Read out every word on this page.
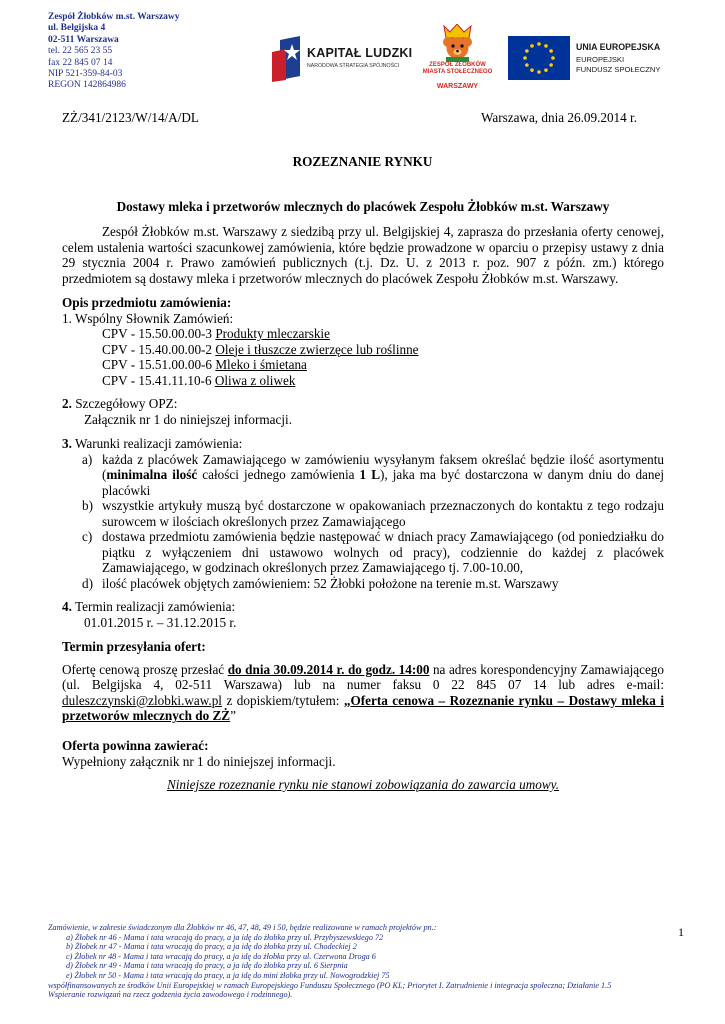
Zespół Żłobków m.st. Warszawy
ul. Belgijska 4
02-511 Warszawa
tel. 22 565 23 55
fax 22 845 07 14
NIP 521-359-84-03
REGON 142864986
KAPITAŁ LUDZKI
NARODOWA STRATEGIA SPÓJNOŚCI	ZESPÓŁ ŻŁOBKÓW
MIASTA STOŁECZNEGO
WARSZAWY
UNIA EUROPEJSKA
EUROPEJSKI
FUNDUSZ SPOŁECZNY
ZŻ/341/2123/W/14/A/DL	Warszawa, dnia 26.09.2014 r.
ROZEZNANIE RYNKU
Dostawy mleka i przetworów mlecznych do placówek Zespołu Żłobków m.st. Warszawy
Zespół Żłobków m.st. Warszawy z siedzibą przy ul. Belgijskiej 4, zaprasza do przesłania oferty cenowej, celem ustalenia wartości szacunkowej zamówienia, które będzie prowadzone w oparciu o przepisy ustawy z dnia 29 stycznia 2004 r. Prawo zamówień publicznych (t.j. Dz. U. z 2013 r. poz. 907 z późn. zm.) którego przedmiotem są dostawy mleka i przetworów mlecznych do placówek Zespołu Żłobków m.st. Warszawy.
Opis przedmiotu zamówienia:
1. Wspólny Słownik Zamówień:
CPV - 15.50.00.00-3 Produkty mleczarskie
CPV - 15.40.00.00-2 Oleje i tłuszcze zwierzęce lub roślinne
CPV - 15.51.00.00-6 Mleko i śmietana
CPV - 15.41.11.10-6 Oliwa z oliwek
2. Szczegółowy OPZ:
Załącznik nr 1 do niniejszej informacji.
3. Warunki realizacji zamówienia:
a) każda z placówek Zamawiającego w zamówieniu wysyłanym faksem określać będzie ilość asortymentu (minimalna ilość całości jednego zamówienia 1 L), jaka ma być dostarczona w danym dniu do danej placówki
b) wszystkie artykuły muszą być dostarczone w opakowaniach przeznaczonych do kontaktu z tego rodzaju surowcem w ilościach określonych przez Zamawiającego
c) dostawa przedmiotu zamówienia będzie następować w dniach pracy Zamawiającego (od poniedziałku do piątku z wyłączeniem dni ustawowo wolnych od pracy), codziennie do każdej z placówek Zamawiającego, w godzinach określonych przez Zamawiającego tj. 7.00-10.00,
d) ilość placówek objętych zamówieniem: 52 Żłobki położone na terenie m.st. Warszawy
4. Termin realizacji zamówienia:
01.01.2015 r. – 31.12.2015 r.
Termin przesyłania ofert:
Ofertę cenową proszę przesłać do dnia 30.09.2014 r. do godz. 14:00 na adres korespondencyjny Zamawiającego (ul. Belgijska 4, 02-511 Warszawa) lub na numer faksu 0 22 845 07 14 lub adres e-mail: duleszczynski@zlobki.waw.pl z dopiskiem/tytułem: „Oferta cenowa – Rozeznanie rynku – Dostawy mleka i przetworów mlecznych do ZŻ”
Oferta powinna zawierać:
Wypełniony załącznik nr 1 do niniejszej informacji.
Niniejsze rozeznanie rynku nie stanowi zobowiązania do zawarcia umowy.
Zamówienie, w zakresie świadczonym dla Żłobków nr 46, 47, 48, 49 i 50, będzie realizowane w ramach projektów pn.:
a) Żłobek nr 46 - Mama i tata wracają do pracy, a ja idę do żłobka przy ul. Przybyszewskiego 72
b) Żłobek nr 47 - Mama i tata wracają do pracy, a ja idę do żłobka przy ul. Chodeckiej 2
c) Żłobek nr 48 - Mama i tata wracają do pracy, a ja idę do żłobka przy ul. Czerwona Droga 6
d) Żłobek nr 49 - Mama i tata wracają do pracy, a ja idę do żłobka przy ul. 6 Sierpnia
e) Żłobek nr 50 - Mama i tata wracają do pracy, a ja idę do mini żłobka przy ul. Nowogrodzkiej 75
współfinansowanych ze środków Unii Europejskiej w ramach Europejskiego Funduszu Społecznego (PO KL; Priorytet I. Zatrudnienie i integracja społeczna; Działanie 1.5 Wspieranie rozwiązań na rzecz godzenia życia zawodowego i rodzinnego).
1
